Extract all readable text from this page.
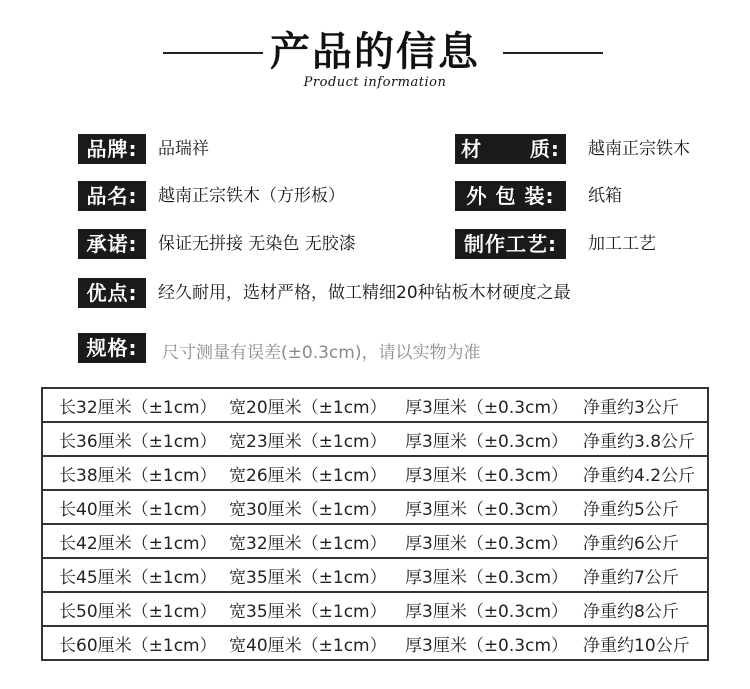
产品的信息
Product information
品牌:	品瑞祥
品名:	越南正宗铁木（方形板）
承诺:	保证无拼接 无染色 无胶漆
优点:	经久耐用，选材严格，做工精细20种钻板木材硬度之最
规格:	尺寸测量有误差(±0.3cm)，请以实物为准
材      质:	越南正宗铁木
外 包 装:	纸箱
制作工艺:	加工工艺
长32厘米（±1cm）	宽20厘米（±1cm）	厚3厘米（±0.3cm）	净重约3公斤
长36厘米（±1cm）	宽23厘米（±1cm）	厚3厘米（±0.3cm）	净重约3.8公斤
长38厘米（±1cm）	宽26厘米（±1cm）	厚3厘米（±0.3cm）	净重约4.2公斤
长40厘米（±1cm）	宽30厘米（±1cm）	厚3厘米（±0.3cm）	净重约5公斤
长42厘米（±1cm）	宽32厘米（±1cm）	厚3厘米（±0.3cm）	净重约6公斤
长45厘米（±1cm）	宽35厘米（±1cm）	厚3厘米（±0.3cm）	净重约7公斤
长50厘米（±1cm）	宽35厘米（±1cm）	厚3厘米（±0.3cm）	净重约8公斤
长60厘米（±1cm）	宽40厘米（±1cm）	厚3厘米（±0.3cm）	净重约10公斤
